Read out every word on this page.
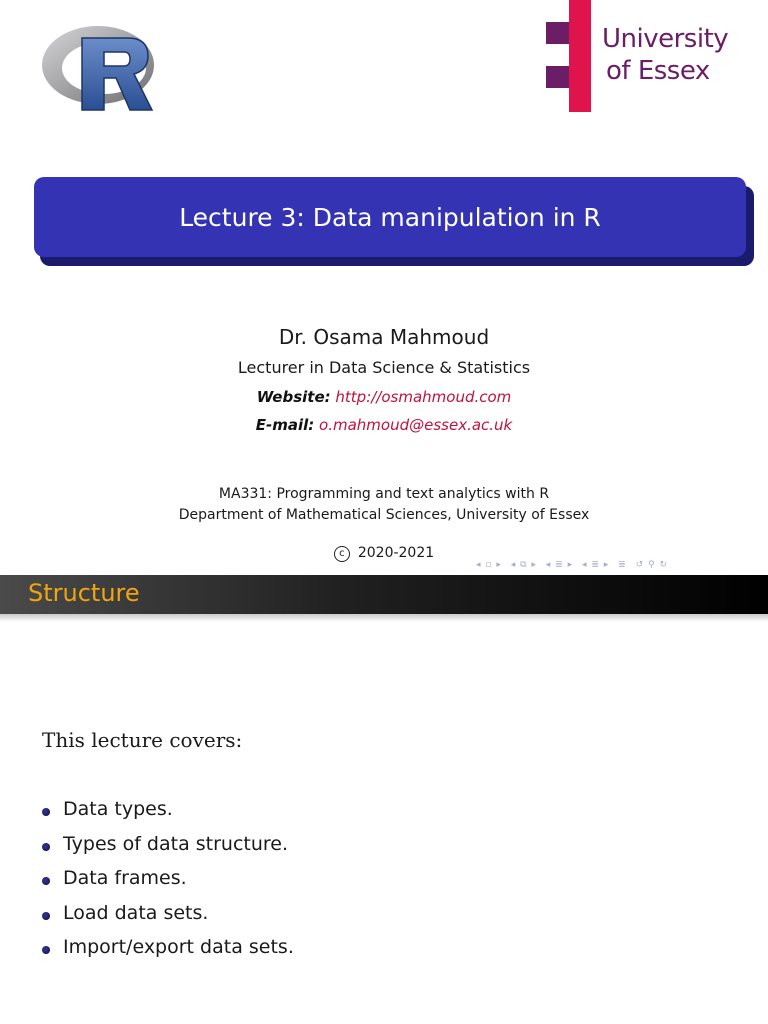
University
of Essex
Lecture 3: Data manipulation in R
Dr. Osama Mahmoud
Lecturer in Data Science & Statistics
Website: http://osmahmoud.com
E-mail: o.mahmoud@essex.ac.uk
MA331: Programming and text analytics with R
Department of Mathematical Sciences, University of Essex
c 2020-2021
◂ ▫ ▸ ◂ ⧉ ▸ ◂ ≣ ▸ ◂ ≣ ▸ ≣ ↺ ⚲ ↻
Structure
This lecture covers:
Data types.
Types of data structure.
Data frames.
Load data sets.
Import/export data sets.
